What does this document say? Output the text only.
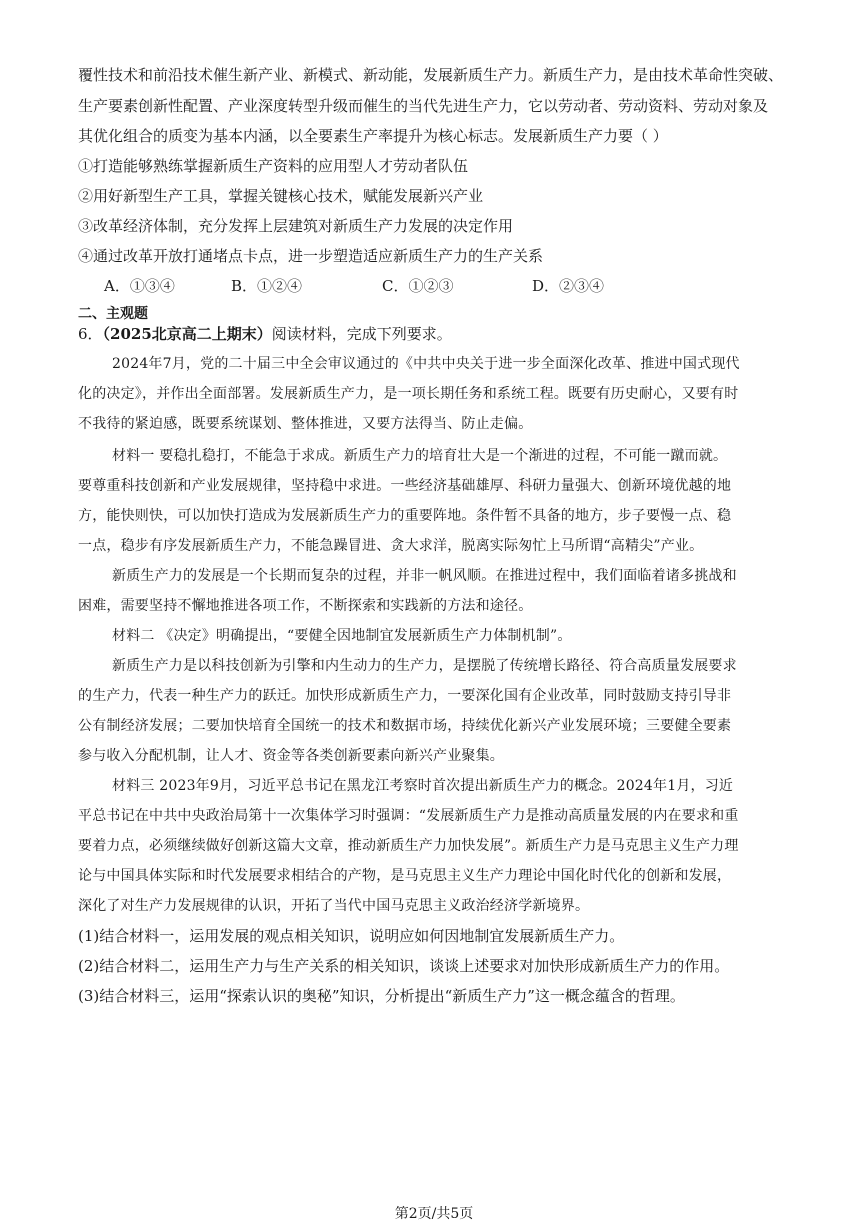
覆性技术和前沿技术催生新产业、新模式、新动能，发展新质生产力。新质生产力，是由技术革命性突破、
生产要素创新性配置、产业深度转型升级而催生的当代先进生产力，它以劳动者、劳动资料、劳动对象及
其优化组合的质变为基本内涵，以全要素生产率提升为核心标志。发展新质生产力要（ ）
①打造能够熟练掌握新质生产资料的应用型人才劳动者队伍
②用好新型生产工具，掌握关键核心技术，赋能发展新兴产业
③改革经济体制，充分发挥上层建筑对新质生产力发展的决定作用
④通过改革开放打通堵点卡点，进一步塑造适应新质生产力的生产关系
A．①③④	B．①②④	C．①②③	D．②③④
二、主观题
6．（2025北京高二上期末）阅读材料，完成下列要求。
2024年7月，党的二十届三中全会审议通过的《中共中央关于进一步全面深化改革、推进中国式现代
化的决定》，并作出全面部署。发展新质生产力，是一项长期任务和系统工程。既要有历史耐心，又要有时
不我待的紧迫感，既要系统谋划、整体推进，又要方法得当、防止走偏。
材料一 要稳扎稳打，不能急于求成。新质生产力的培育壮大是一个渐进的过程，不可能一蹴而就。
要尊重科技创新和产业发展规律，坚持稳中求进。一些经济基础雄厚、科研力量强大、创新环境优越的地
方，能快则快，可以加快打造成为发展新质生产力的重要阵地。条件暂不具备的地方，步子要慢一点、稳
一点，稳步有序发展新质生产力，不能急躁冒进、贪大求洋，脱离实际匆忙上马所谓“高精尖”产业。
新质生产力的发展是一个长期而复杂的过程，并非一帆风顺。在推进过程中，我们面临着诸多挑战和
困难，需要坚持不懈地推进各项工作，不断探索和实践新的方法和途径。
材料二 《决定》明确提出，“要健全因地制宜发展新质生产力体制机制”。
新质生产力是以科技创新为引擎和内生动力的生产力，是摆脱了传统增长路径、符合高质量发展要求
的生产力，代表一种生产力的跃迁。加快形成新质生产力，一要深化国有企业改革，同时鼓励支持引导非
公有制经济发展；二要加快培育全国统一的技术和数据市场，持续优化新兴产业发展环境；三要健全要素
参与收入分配机制，让人才、资金等各类创新要素向新兴产业聚集。
材料三 2023年9月，习近平总书记在黑龙江考察时首次提出新质生产力的概念。2024年1月，习近
平总书记在中共中央政治局第十一次集体学习时强调：“发展新质生产力是推动高质量发展的内在要求和重
要着力点，必须继续做好创新这篇大文章，推动新质生产力加快发展”。新质生产力是马克思主义生产力理
论与中国具体实际和时代发展要求相结合的产物，是马克思主义生产力理论中国化时代化的创新和发展，
深化了对生产力发展规律的认识，开拓了当代中国马克思主义政治经济学新境界。
(1)结合材料一，运用发展的观点相关知识，说明应如何因地制宜发展新质生产力。
(2)结合材料二，运用生产力与生产关系的相关知识，谈谈上述要求对加快形成新质生产力的作用。
(3)结合材料三，运用“探索认识的奥秘”知识，分析提出“新质生产力”这一概念蕴含的哲理。
第2页/共5页
